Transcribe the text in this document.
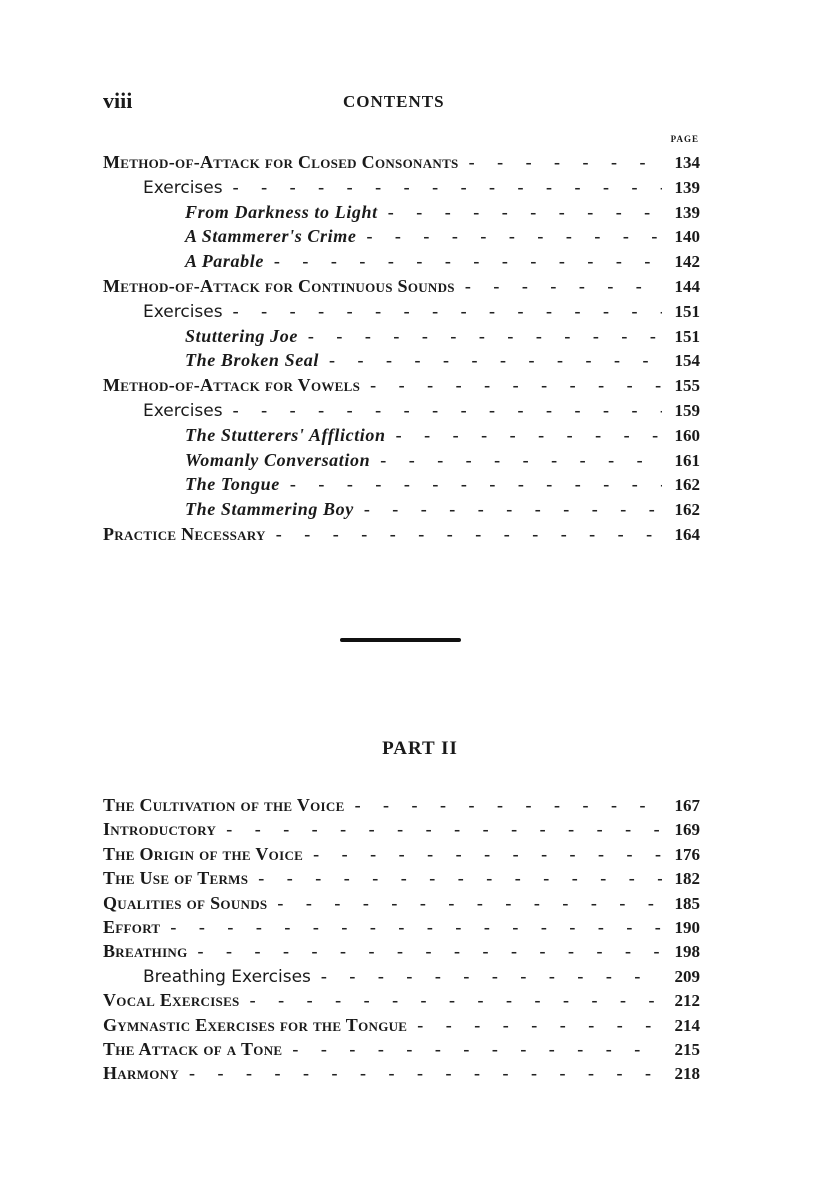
viii	CONTENTS
PAGE
Method-of-Attack for Closed Consonants - - -	134
Exercises - - -	139
From Darkness to Light - - -	139
A Stammerer's Crime - - -	140
A Parable - - -	142
Method-of-Attack for Continuous Sounds - - -	144
Exercises - - -	151
Stuttering Joe - - -	151
The Broken Seal - - -	154
Method-of-Attack for Vowels - - -	155
Exercises - - -	159
The Stutterers' Affliction - - -	160
Womanly Conversation - - -	161
The Tongue - - -	162
The Stammering Boy - - -	162
Practice Necessary - - -	164
PART II
The Cultivation of the Voice - - -	167
Introductory - - -	169
The Origin of the Voice - - -	176
The Use of Terms - - -	182
Qualities of Sounds - - -	185
Effort - - -	190
Breathing - - -	198
Breathing Exercises - - -	209
Vocal Exercises - - -	212
Gymnastic Exercises for the Tongue - - -	214
The Attack of a Tone - - -	215
Harmony - - -	218
